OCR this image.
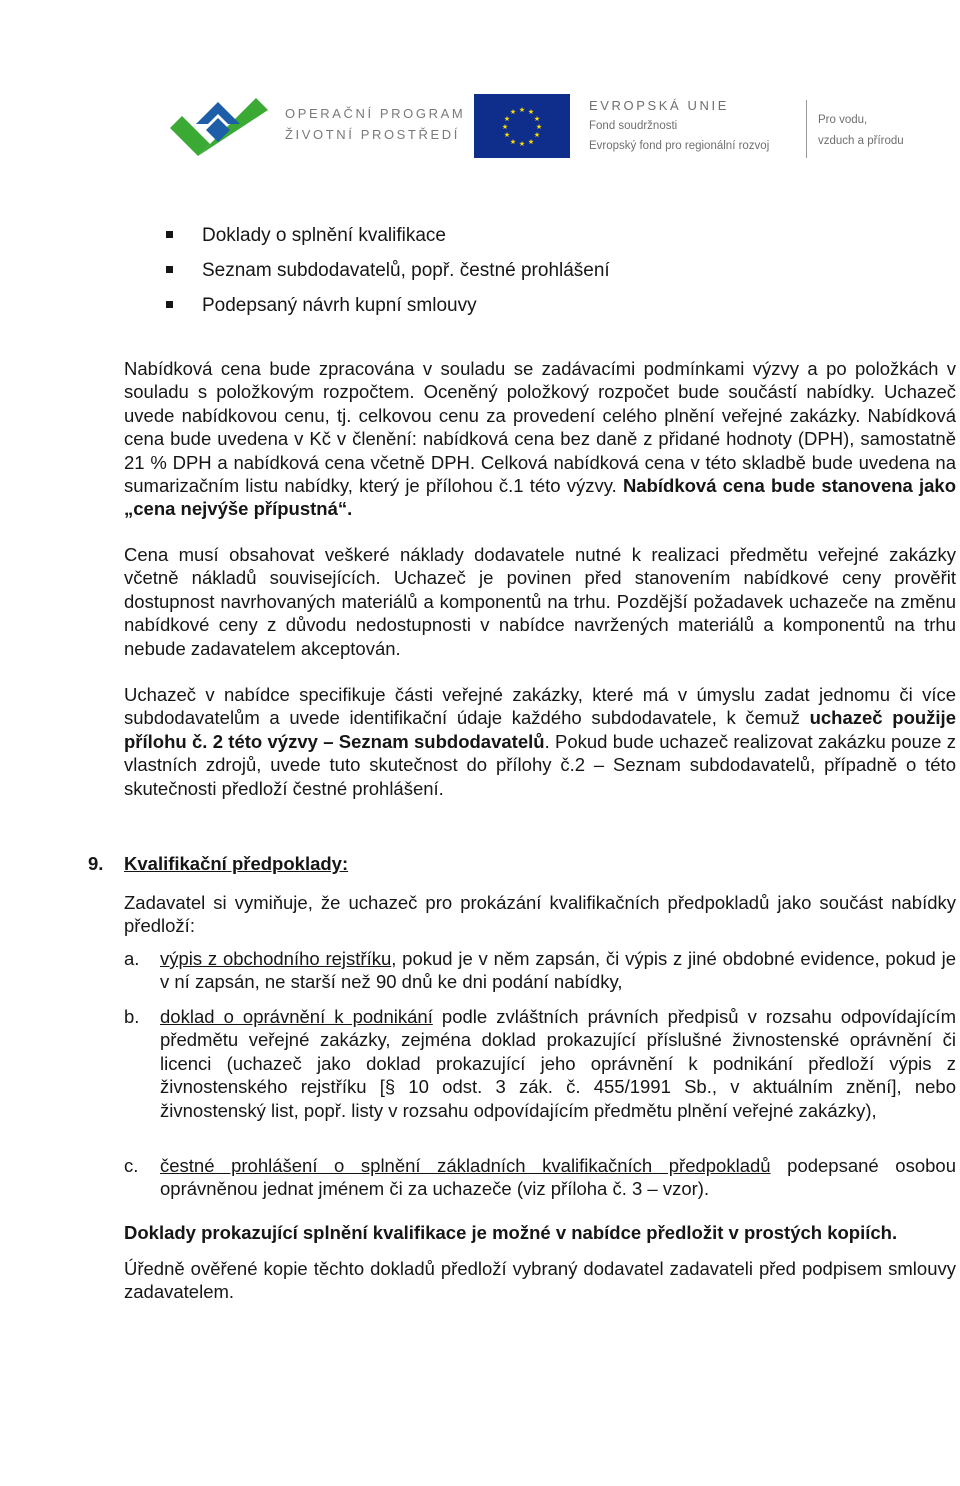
OPERAČNÍ PROGRAM
ŽIVOTNÍ PROSTŘEDÍ
★ ★
★
★
★
★
★
★
★
★
★
★	EVROPSKÁ UNIE
Fond soudržnosti
Evropský fond pro regionální rozvoj
Pro vodu,
vzduch a přírodu
Doklady o splnění kvalifikace
Seznam subdodavatelů, popř. čestné prohlášení
Podepsaný návrh kupní smlouvy

Nabídková cena bude zpracována v souladu se zadávacími podmínkami výzvy a po položkách v souladu s položkovým rozpočtem. Oceněný položkový rozpočet bude součástí nabídky. Uchazeč uvede nabídkovou cenu, tj. celkovou cenu za provedení celého plnění veřejné zakázky. Nabídková cena bude uvedena v Kč v členění: nabídková cena bez daně z přidané hodnoty (DPH), samostatně 21 % DPH a nabídková cena včetně DPH. Celková nabídková cena v této skladbě bude uvedena na sumarizačním listu nabídky, který je přílohou č.1 této výzvy. Nabídková cena bude stanovena jako „cena nejvýše přípustná“.

Cena musí obsahovat veškeré náklady dodavatele nutné k realizaci předmětu veřejné zakázky včetně nákladů souvisejících. Uchazeč je povinen před stanovením nabídkové ceny prověřit dostupnost navrhovaných materiálů a komponentů na trhu. Pozdější požadavek uchazeče na změnu nabídkové ceny z důvodu nedostupnosti v nabídce navržených materiálů a komponentů na trhu nebude zadavatelem akceptován.

Uchazeč v nabídce specifikuje části veřejné zakázky, které má v úmyslu zadat jednomu či více subdodavatelům a uvede identifikační údaje každého subdodavatele, k čemuž uchazeč použije přílohu č. 2 této výzvy – Seznam subdodavatelů. Pokud bude uchazeč realizovat zakázku pouze z vlastních zdrojů, uvede tuto skutečnost do přílohy č.2 – Seznam subdodavatelů, případně o této skutečnosti předloží čestné prohlášení.

9. Kvalifikační předpoklady:

Zadavatel si vymiňuje, že uchazeč pro prokázání kvalifikačních předpokladů jako součást nabídky předloží:

a. výpis z obchodního rejstříku, pokud je v něm zapsán, či výpis z jiné obdobné evidence, pokud je v ní zapsán, ne starší než 90 dnů ke dni podání nabídky,

b. doklad o oprávnění k podnikání podle zvláštních právních předpisů v rozsahu odpovídajícím předmětu veřejné zakázky, zejména doklad prokazující příslušné živnostenské oprávnění či licenci (uchazeč jako doklad prokazující jeho oprávnění k podnikání předloží výpis z živnostenského rejstříku [§ 10 odst. 3 zák. č. 455/1991 Sb., v aktuálním znění], nebo živnostenský list, popř. listy v rozsahu odpovídajícím předmětu plnění veřejné zakázky),

c. čestné prohlášení o splnění základních kvalifikačních předpokladů podepsané osobou oprávněnou jednat jménem či za uchazeče (viz příloha č. 3 – vzor).

Doklady prokazující splnění kvalifikace je možné v nabídce předložit v prostých kopiích.

Úředně ověřené kopie těchto dokladů předloží vybraný dodavatel zadavateli před podpisem smlouvy zadavatelem.
